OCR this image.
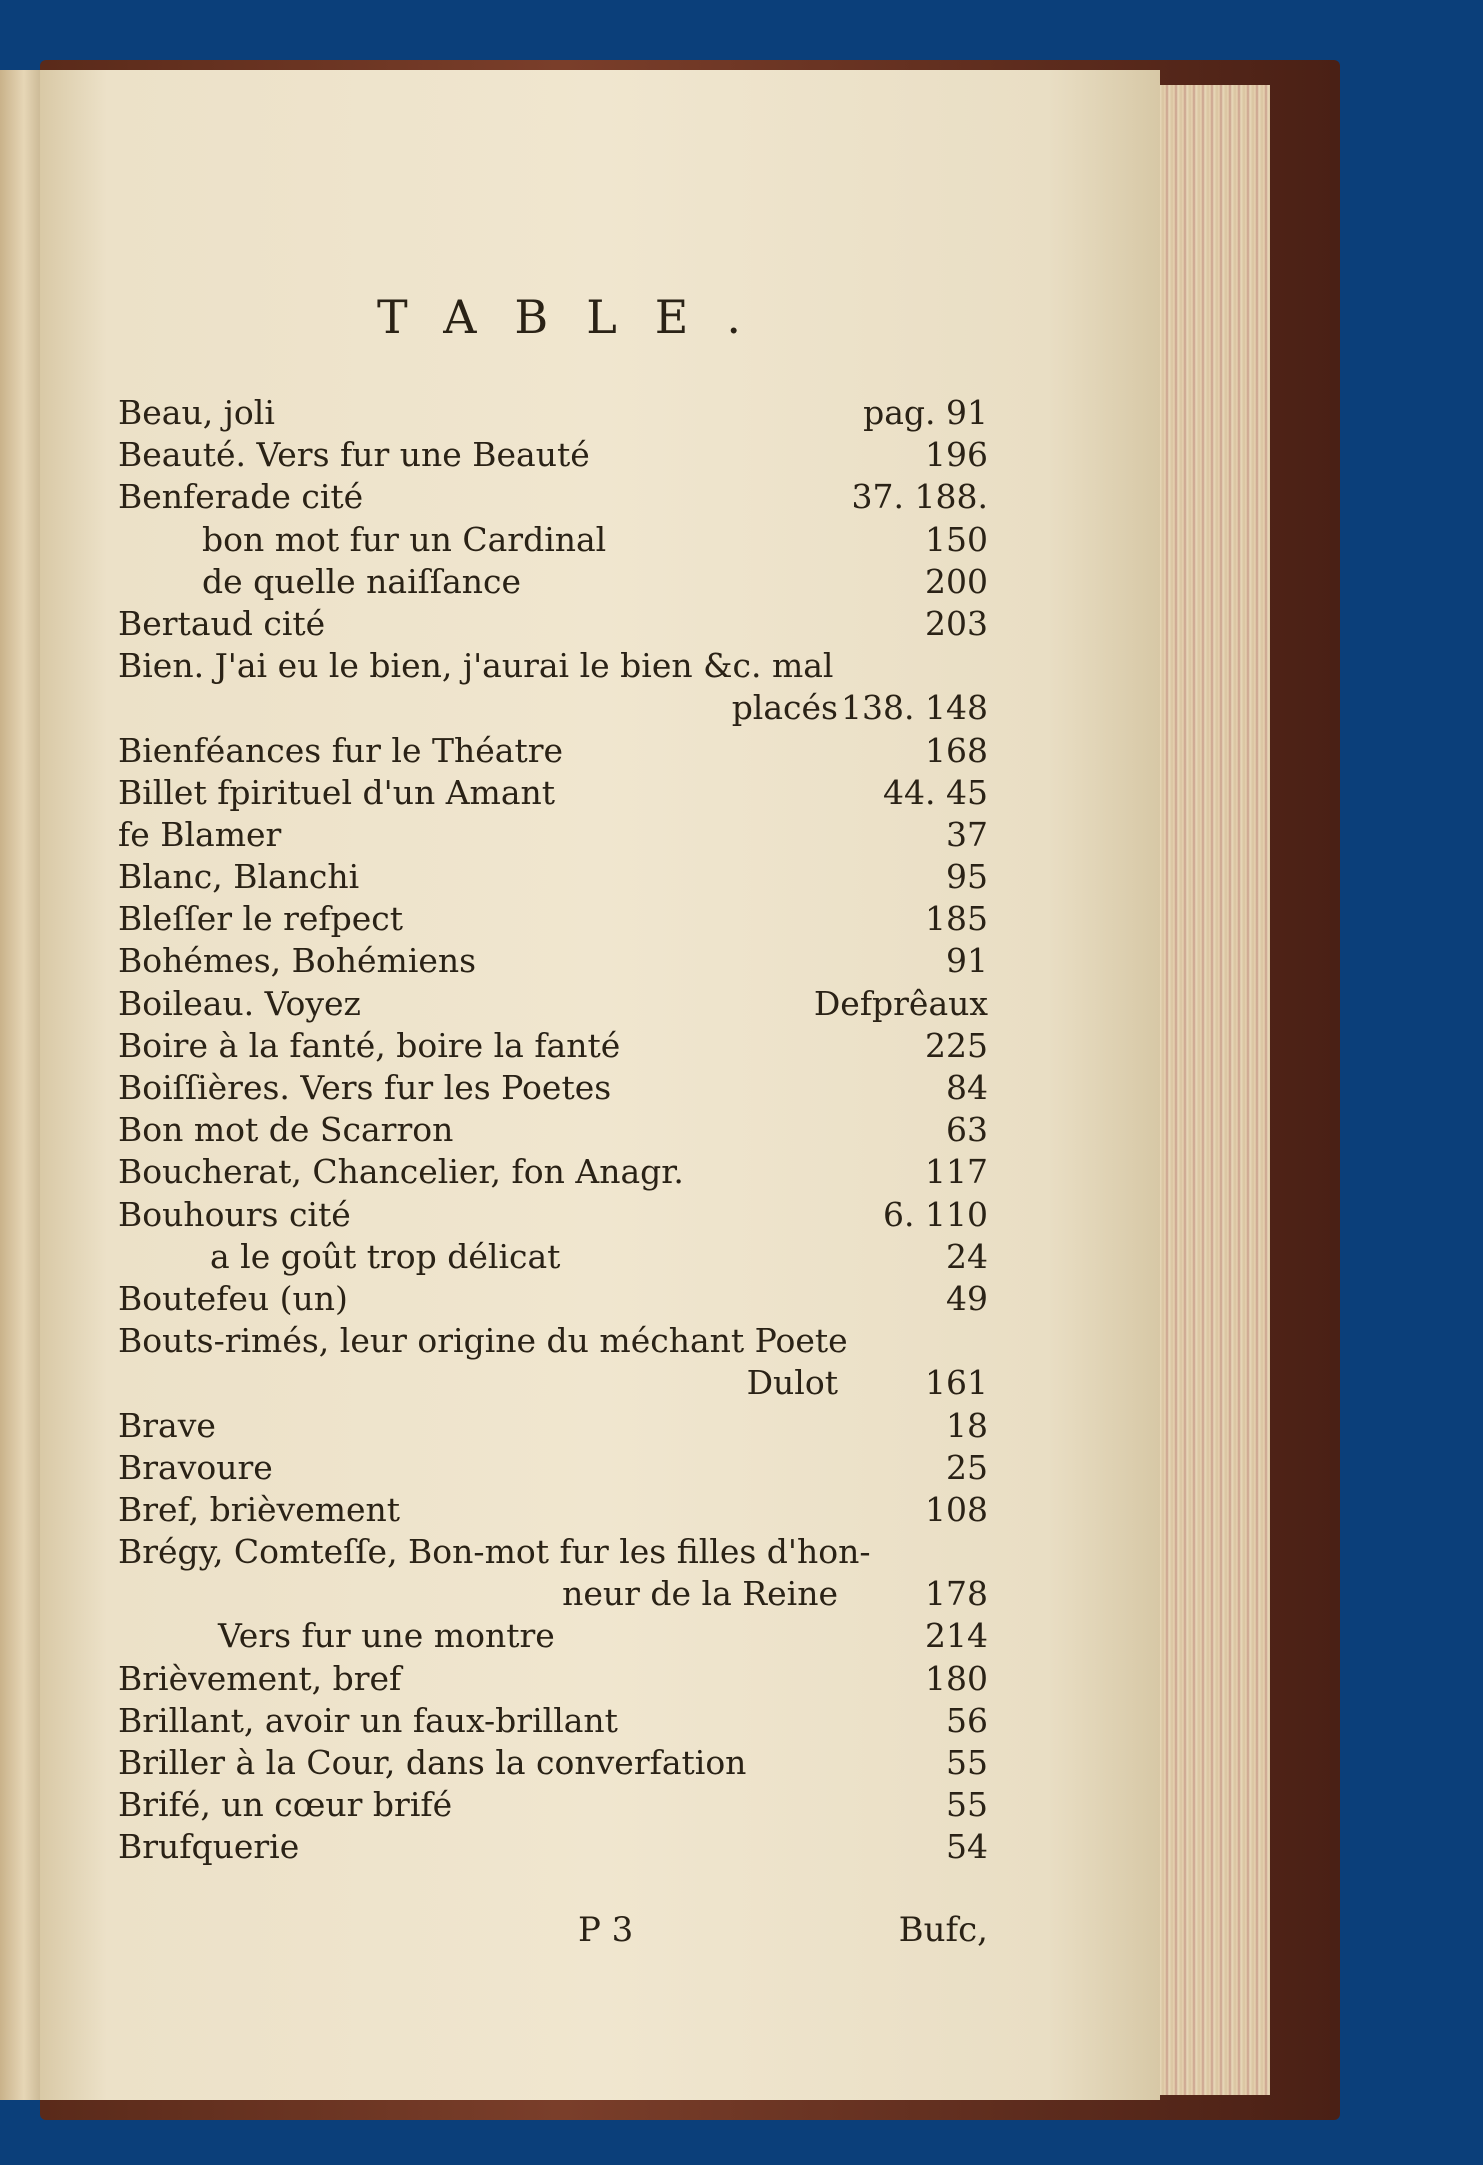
TABLE.
Beau, joli	pag. 91
Beauté. Vers fur une Beauté	196
Benferade cité	37. 188.
bon mot fur un Cardinal	150
de quelle naiſſance	200
Bertaud cité	203
Bien. J'ai eu le bien, j'aurai le bien &c. mal
placés 138. 148
Bienféances fur le Théatre	168
Billet fpirituel d'un Amant	44. 45
fe Blamer	37
Blanc, Blanchi	95
Bleſſer le refpect	185
Bohémes, Bohémiens	91
Boileau. Voyez	Defprêaux
Boire à la fanté, boire la fanté	225
Boiſſières. Vers fur les Poetes	84
Bon mot de Scarron	63
Boucherat, Chancelier, fon Anagr.	117
Bouhours cité	6. 110
a le goût trop délicat	24
Boutefeu (un)	49
Bouts-rimés, leur origine du méchant Poete
Dulot	161
Brave	18
Bravoure	25
Bref, brièvement	108
Brégy, Comteſſe, Bon-mot fur les filles d'hon-
neur de la Reine	178
Vers fur une montre	214
Brièvement, bref	180
Brillant, avoir un faux-brillant	56
Briller à la Cour, dans la converfation	55
Brifé, un cœur brifé	55
Brufquerie	54
P 3	Bufc,
